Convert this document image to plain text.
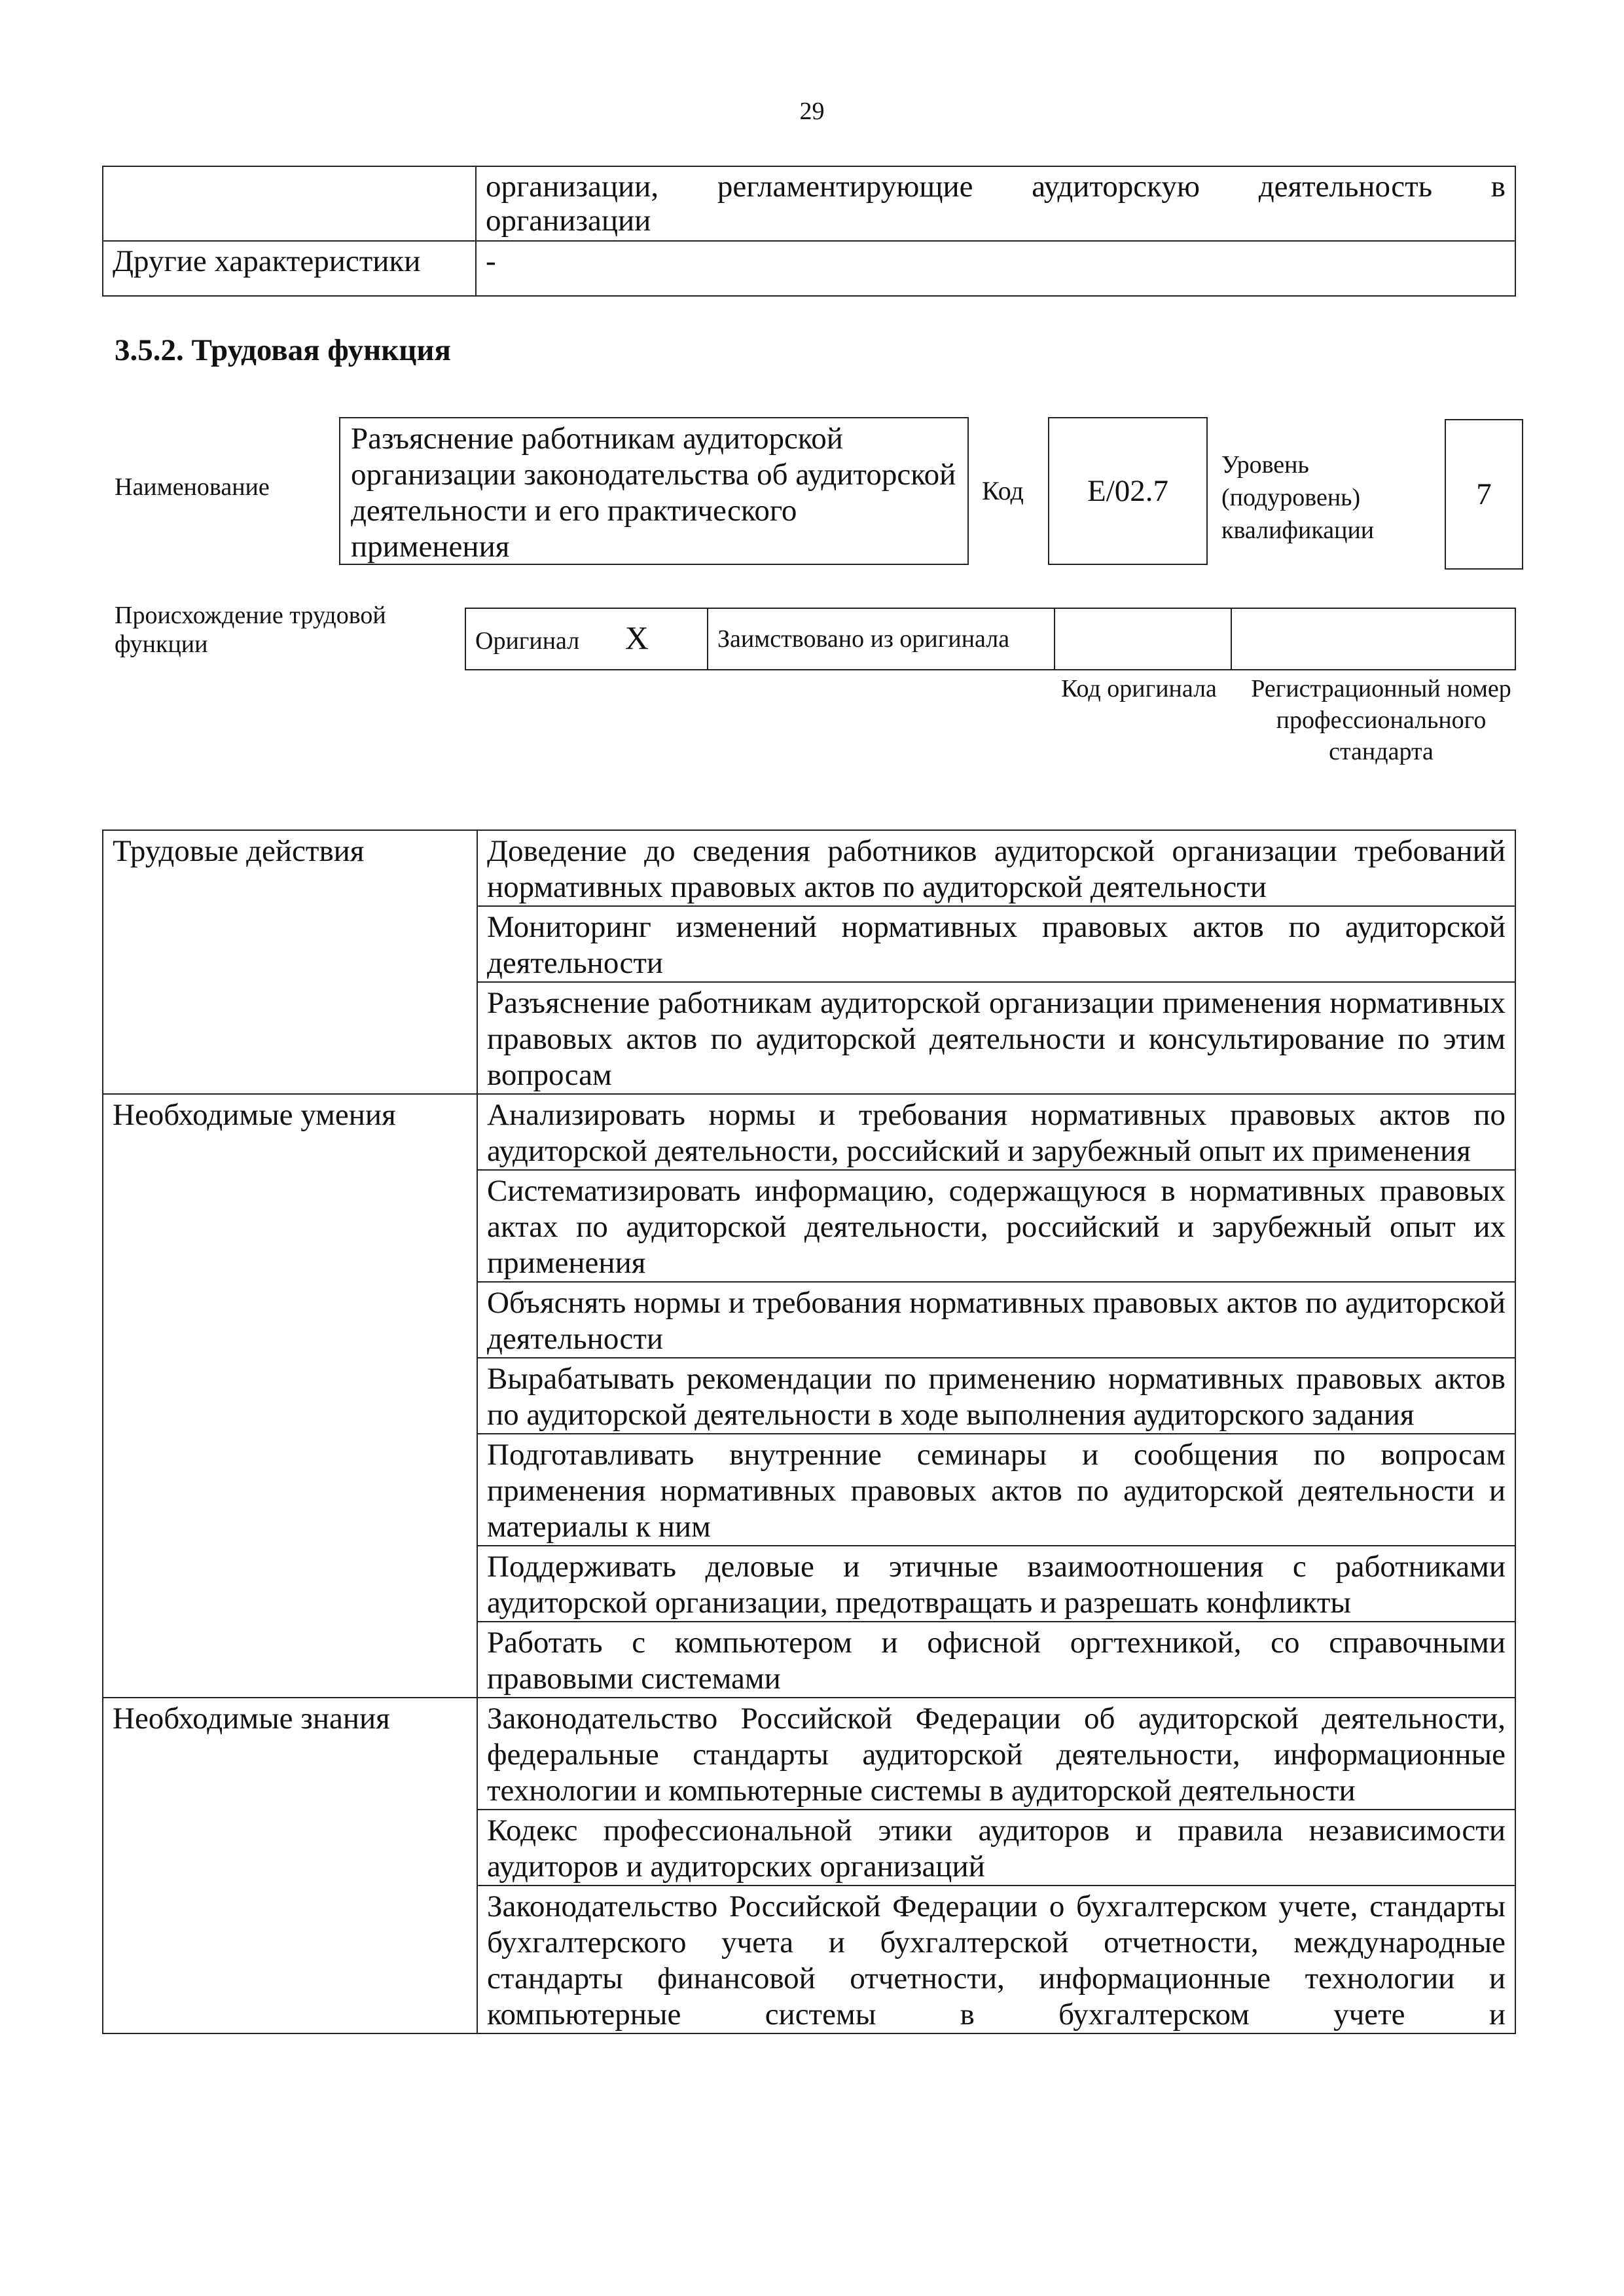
29

	организации, регламентирующие аудиторскую деятельность в
организации

Другие характеристики	-
3.5.2. Трудовая функция
Наименование
Разъяснение работникам аудиторской организации законодательства об аудиторской деятельности и его практического применения
Код E/02.7
Уровень (подуровень) квалификации
7
Происхождение трудовой функции	Оригинал X	Заимствовано из оригинала		
Код оригинала Регистрационный номер профессионального стандарта
Трудовые действия	Доведение до сведения работников аудиторской организации требований нормативных правовых актов по аудиторской деятельности
	Мониторинг изменений нормативных правовых актов по аудиторской деятельности
	Разъяснение работникам аудиторской организации применения нормативных правовых актов по аудиторской деятельности и консультирование по этим вопросам
Необходимые умения	Анализировать нормы и требования нормативных правовых актов по аудиторской деятельности, российский и зарубежный опыт их применения
	Систематизировать информацию, содержащуюся в нормативных правовых актах по аудиторской деятельности, российский и зарубежный опыт их применения
	Объяснять нормы и требования нормативных правовых актов по аудиторской деятельности
	Вырабатывать рекомендации по применению нормативных правовых актов по аудиторской деятельности в ходе выполнения аудиторского задания
	Подготавливать внутренние семинары и сообщения по вопросам применения нормативных правовых актов по аудиторской деятельности и материалы к ним
	Поддерживать деловые и этичные взаимоотношения с работниками аудиторской организации, предотвращать и разрешать конфликты
	Работать с компьютером и офисной оргтехникой, со справочными правовыми системами
Необходимые знания	Законодательство Российской Федерации об аудиторской деятельности, федеральные стандарты аудиторской деятельности, информационные технологии и компьютерные системы в аудиторской деятельности
	Кодекс профессиональной этики аудиторов и правила независимости аудиторов и аудиторских организаций
	Законодательство Российской Федерации о бухгалтерском учете, стандарты бухгалтерского учета и бухгалтерской отчетности, международные стандарты финансовой отчетности, информационные технологии и компьютерные системы в бухгалтерском учете и
